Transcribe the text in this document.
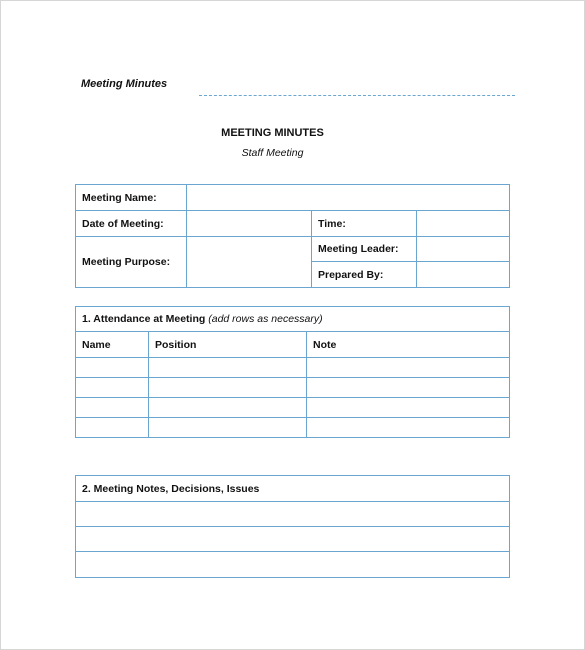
Meeting Minutes
MEETING MINUTES
Staff Meeting
Meeting Name:			
Date of Meeting:		Time:	
Meeting Purpose:		Meeting Leader:	
		Prepared By:	
1. Attendance at Meeting (add rows as necessary)		
Name	Position	Note

2. Meeting Notes, Decisions, Issues
